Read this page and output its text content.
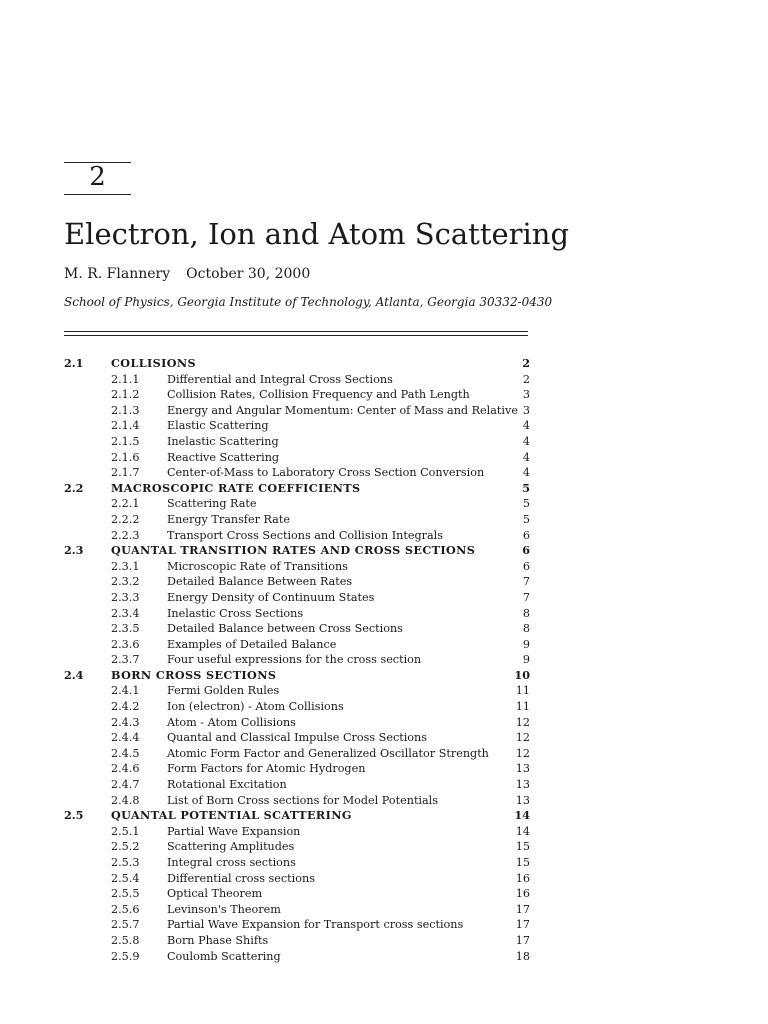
2
Electron, Ion and Atom Scattering
M. R. Flannery October 30, 2000
School of Physics, Georgia Institute of Technology, Atlanta, Georgia 30332-0430
2.1 COLLISIONS	2
2.1.1 Differential and Integral Cross Sections	2
2.1.2 Collision Rates, Collision Frequency and Path Length	3
2.1.3 Energy and Angular Momentum: Center of Mass and Relative 3
2.1.4 Elastic Scattering	4
2.1.5 Inelastic Scattering	4
2.1.6 Reactive Scattering	4
2.1.7 Center-of-Mass to Laboratory Cross Section Conversion	4
2.2 MACROSCOPIC RATE COEFFICIENTS	5
2.2.1 Scattering Rate	5
2.2.2 Energy Transfer Rate	5
2.2.3 Transport Cross Sections and Collision Integrals	6
2.3 QUANTAL TRANSITION RATES AND CROSS SECTIONS	6
2.3.1 Microscopic Rate of Transitions	6
2.3.2 Detailed Balance Between Rates	7
2.3.3 Energy Density of Continuum States	7
2.3.4 Inelastic Cross Sections	8
2.3.5 Detailed Balance between Cross Sections	8
2.3.6 Examples of Detailed Balance	9
2.3.7 Four useful expressions for the cross section	9
2.4 BORN CROSS SECTIONS	10
2.4.1 Fermi Golden Rules	11
2.4.2 Ion (electron) - Atom Collisions	11
2.4.3 Atom - Atom Collisions	12
2.4.4 Quantal and Classical Impulse Cross Sections	12
2.4.5 Atomic Form Factor and Generalized Oscillator Strength 12
2.4.6 Form Factors for Atomic Hydrogen	13
2.4.7 Rotational Excitation	13
2.4.8 List of Born Cross sections for Model Potentials	13
2.5 QUANTAL POTENTIAL SCATTERING	14
2.5.1 Partial Wave Expansion	14
2.5.2 Scattering Amplitudes	15
2.5.3 Integral cross sections	15
2.5.4 Differential cross sections	16
2.5.5 Optical Theorem	16
2.5.6 Levinson's Theorem	17
2.5.7 Partial Wave Expansion for Transport cross sections	17
2.5.8 Born Phase Shifts	17
2.5.9 Coulomb Scattering	18
